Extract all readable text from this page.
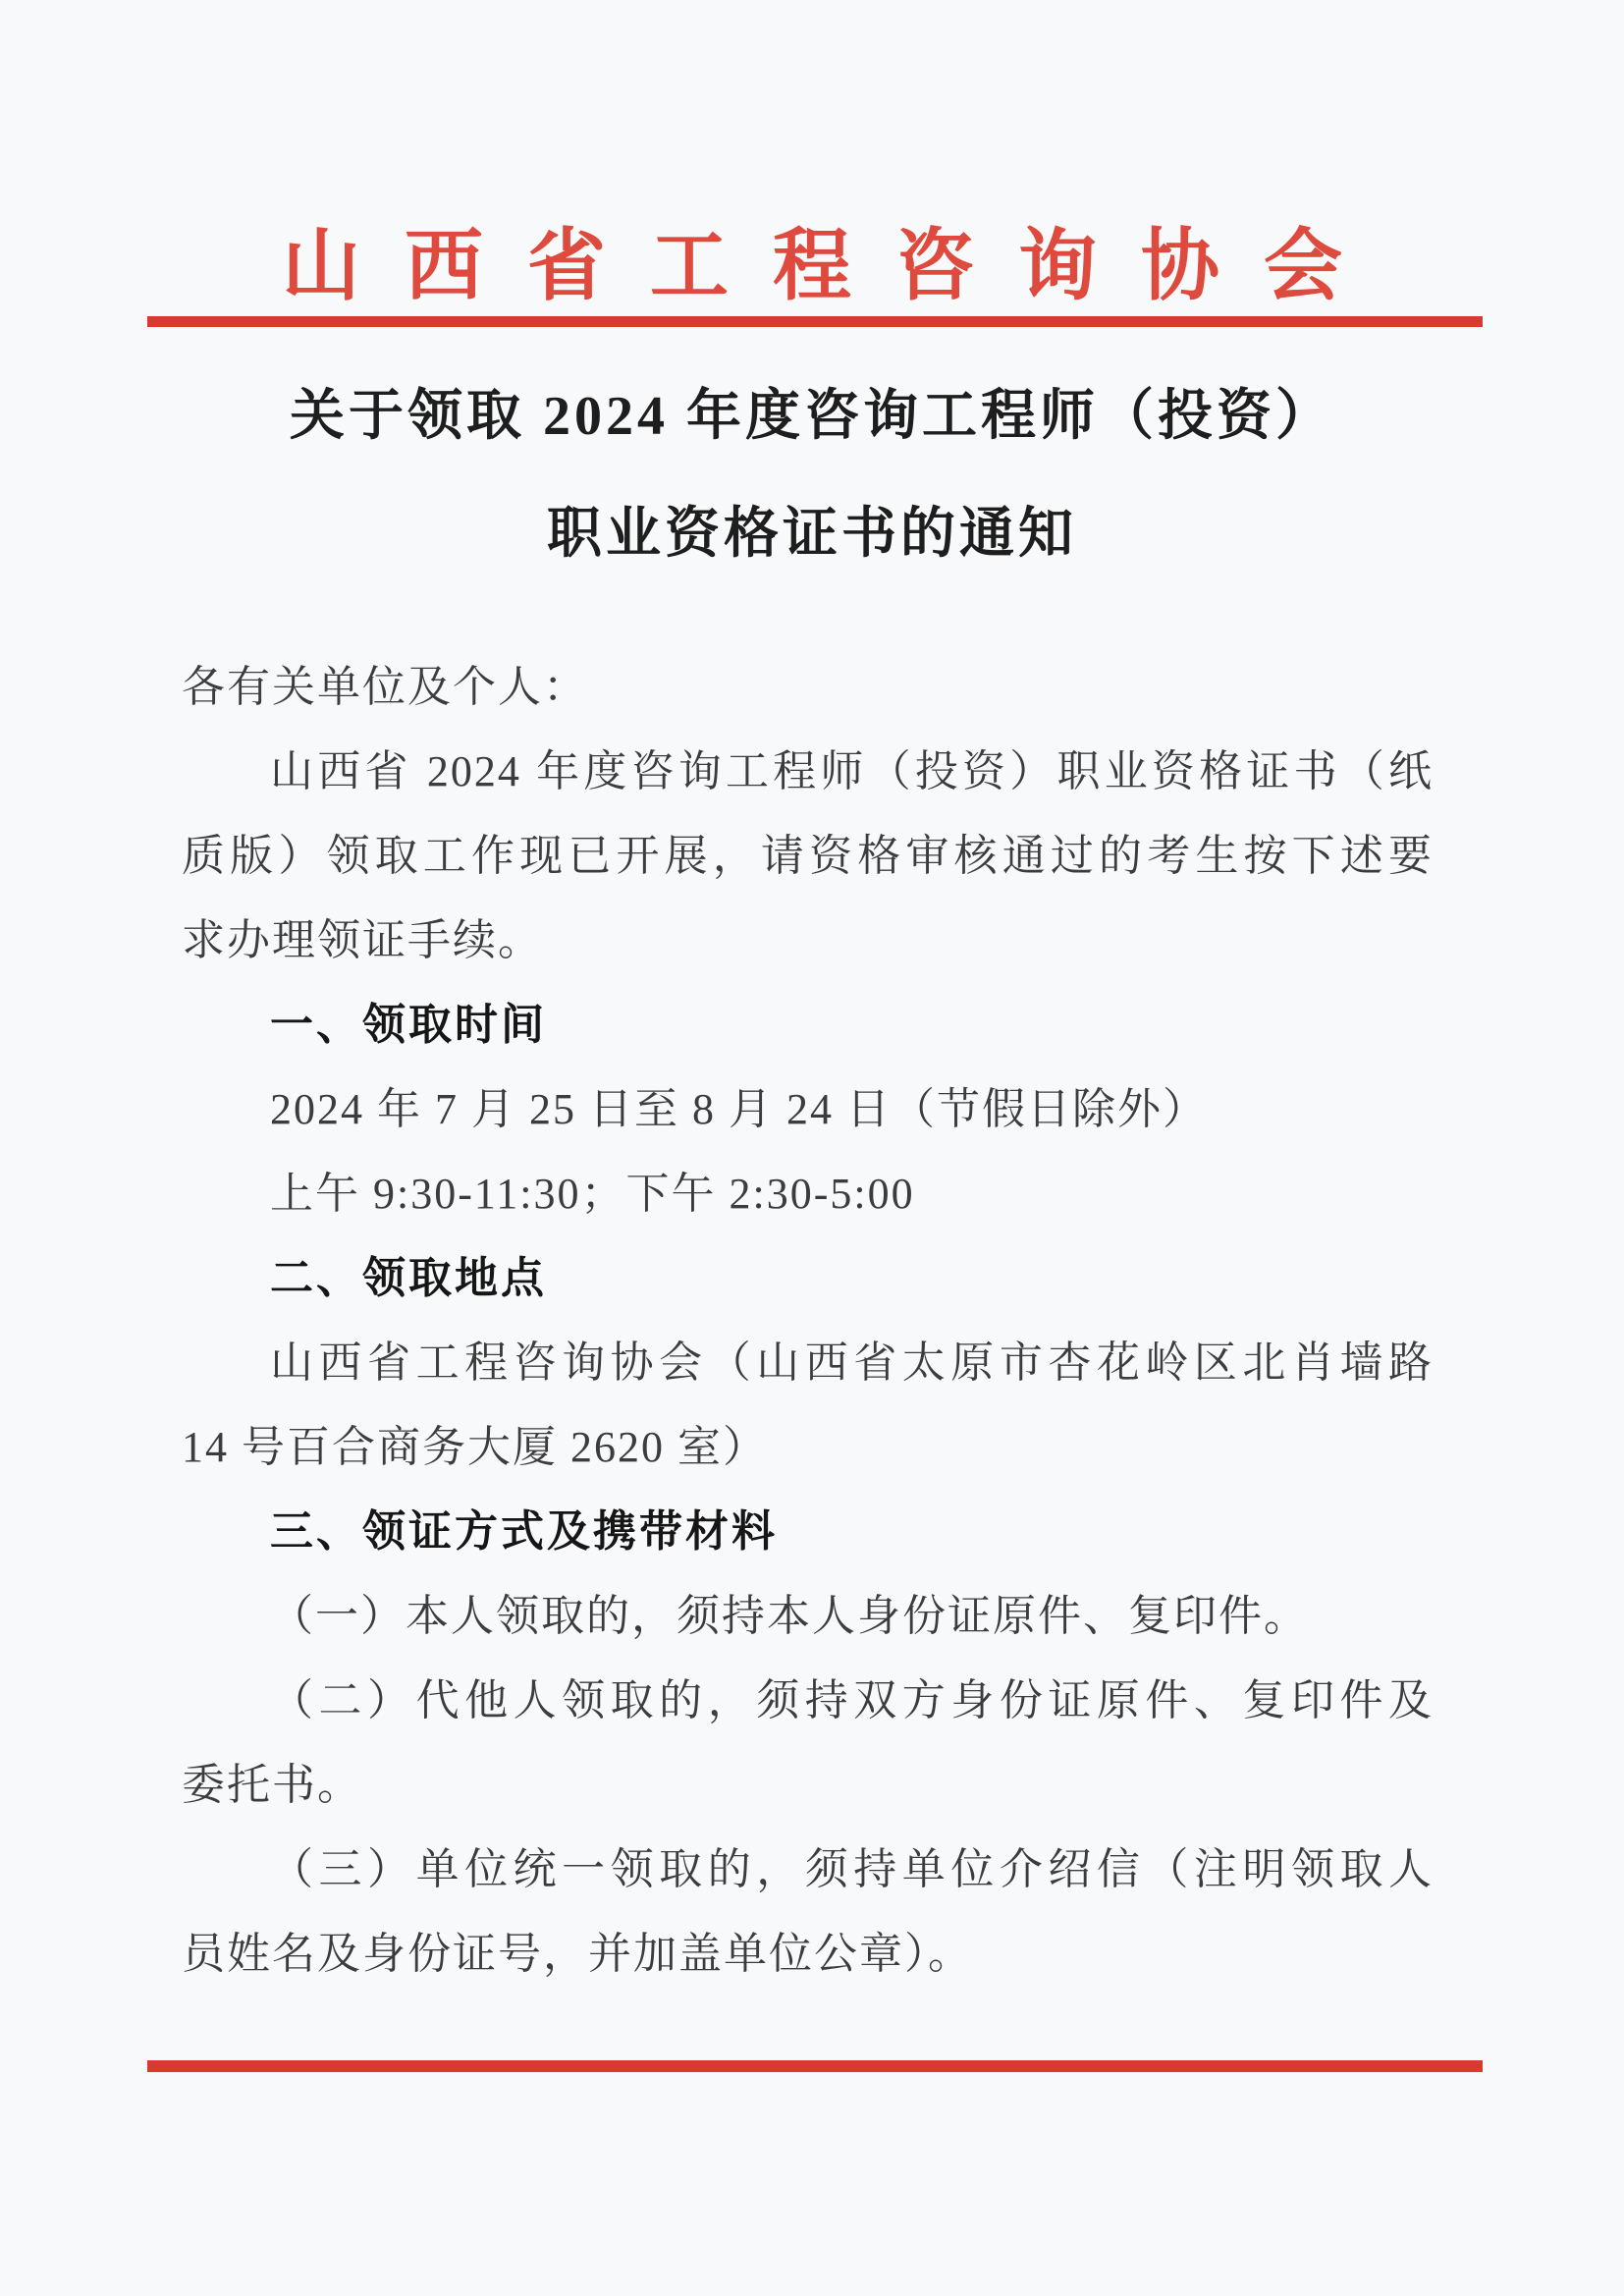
山西省工程咨询协会
关于领取 2024 年度咨询工程师（投资）
职业资格证书的通知
各有关单位及个人：
山西省 2024 年度咨询工程师（投资）职业资格证书（纸
质版）领取工作现已开展，请资格审核通过的考生按下述要
求办理领证手续。
一、领取时间
2024 年 7 月 25 日至 8 月 24 日（节假日除外）
上午 9:30-11:30；下午 2:30-5:00
二、领取地点
山西省工程咨询协会（山西省太原市杏花岭区北肖墙路
14 号百合商务大厦 2620 室）
三、领证方式及携带材料
（一）本人领取的，须持本人身份证原件、复印件。
（二）代他人领取的，须持双方身份证原件、复印件及
委托书。
（三）单位统一领取的，须持单位介绍信（注明领取人
员姓名及身份证号，并加盖单位公章）。
